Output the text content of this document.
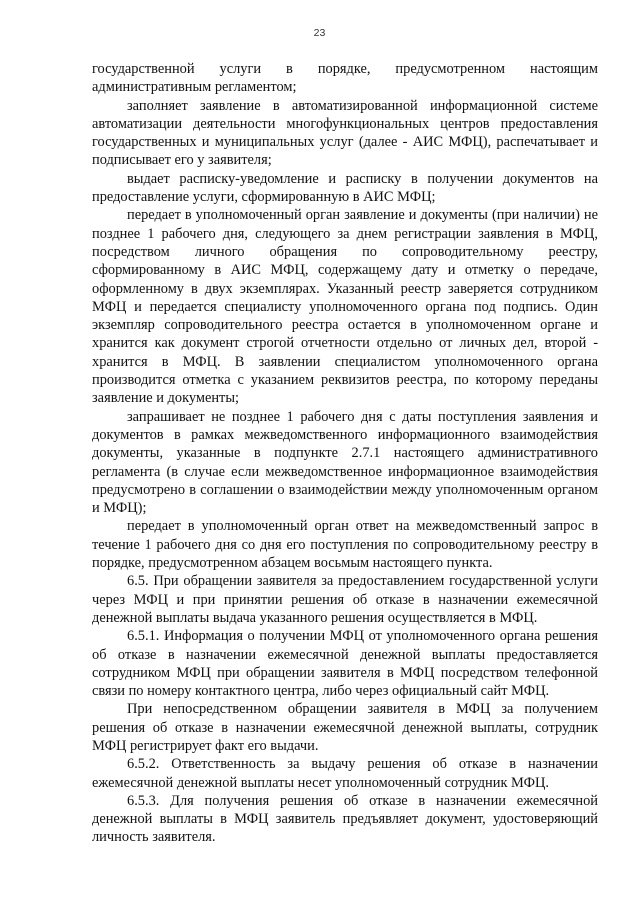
23

государственной услуги в порядке, предусмотренном настоящим административным регламентом;

заполняет заявление в автоматизированной информационной системе автоматизации деятельности многофункциональных центров предоставления государственных и муниципальных услуг (далее - АИС МФЦ), распечатывает и подписывает его у заявителя;

выдает расписку-уведомление и расписку в получении документов на предоставление услуги, сформированную в АИС МФЦ;

передает в уполномоченный орган заявление и документы (при наличии) не позднее 1 рабочего дня, следующего за днем регистрации заявления в МФЦ, посредством личного обращения по сопроводительному реестру, сформированному в АИС МФЦ, содержащему дату и отметку о передаче, оформленному в двух экземплярах. Указанный реестр заверяется сотрудником МФЦ и передается специалисту уполномоченного органа под подпись. Один экземпляр сопроводительного реестра остается в уполномоченном органе и хранится как документ строгой отчетности отдельно от личных дел, второй - хранится в МФЦ. В заявлении специалистом уполномоченного органа производится отметка с указанием реквизитов реестра, по которому переданы заявление и документы;

запрашивает не позднее 1 рабочего дня с даты поступления заявления и документов в рамках межведомственного информационного взаимодействия документы, указанные в подпункте 2.7.1 настоящего административного регламента (в случае если межведомственное информационное взаимодействия предусмотрено в соглашении о взаимодействии между уполномоченным органом и МФЦ);

передает в уполномоченный орган ответ на межведомственный запрос в течение 1 рабочего дня со дня его поступления по сопроводительному реестру в порядке, предусмотренном абзацем восьмым настоящего пункта.

6.5. При обращении заявителя за предоставлением государственной услуги через МФЦ и при принятии решения об отказе в назначении ежемесячной денежной выплаты выдача указанного решения осуществляется в МФЦ.

6.5.1. Информация о получении МФЦ от уполномоченного органа решения об отказе в назначении ежемесячной денежной выплаты предоставляется сотрудником МФЦ при обращении заявителя в МФЦ посредством телефонной связи по номеру контактного центра, либо через официальный сайт МФЦ.

При непосредственном обращении заявителя в МФЦ за получением решения об отказе в назначении ежемесячной денежной выплаты, сотрудник МФЦ регистрирует факт его выдачи.

6.5.2. Ответственность за выдачу решения об отказе в назначении ежемесячной денежной выплаты несет уполномоченный сотрудник МФЦ.

6.5.3. Для получения решения об отказе в назначении ежемесячной денежной выплаты в МФЦ заявитель предъявляет документ, удостоверяющий личность заявителя.
